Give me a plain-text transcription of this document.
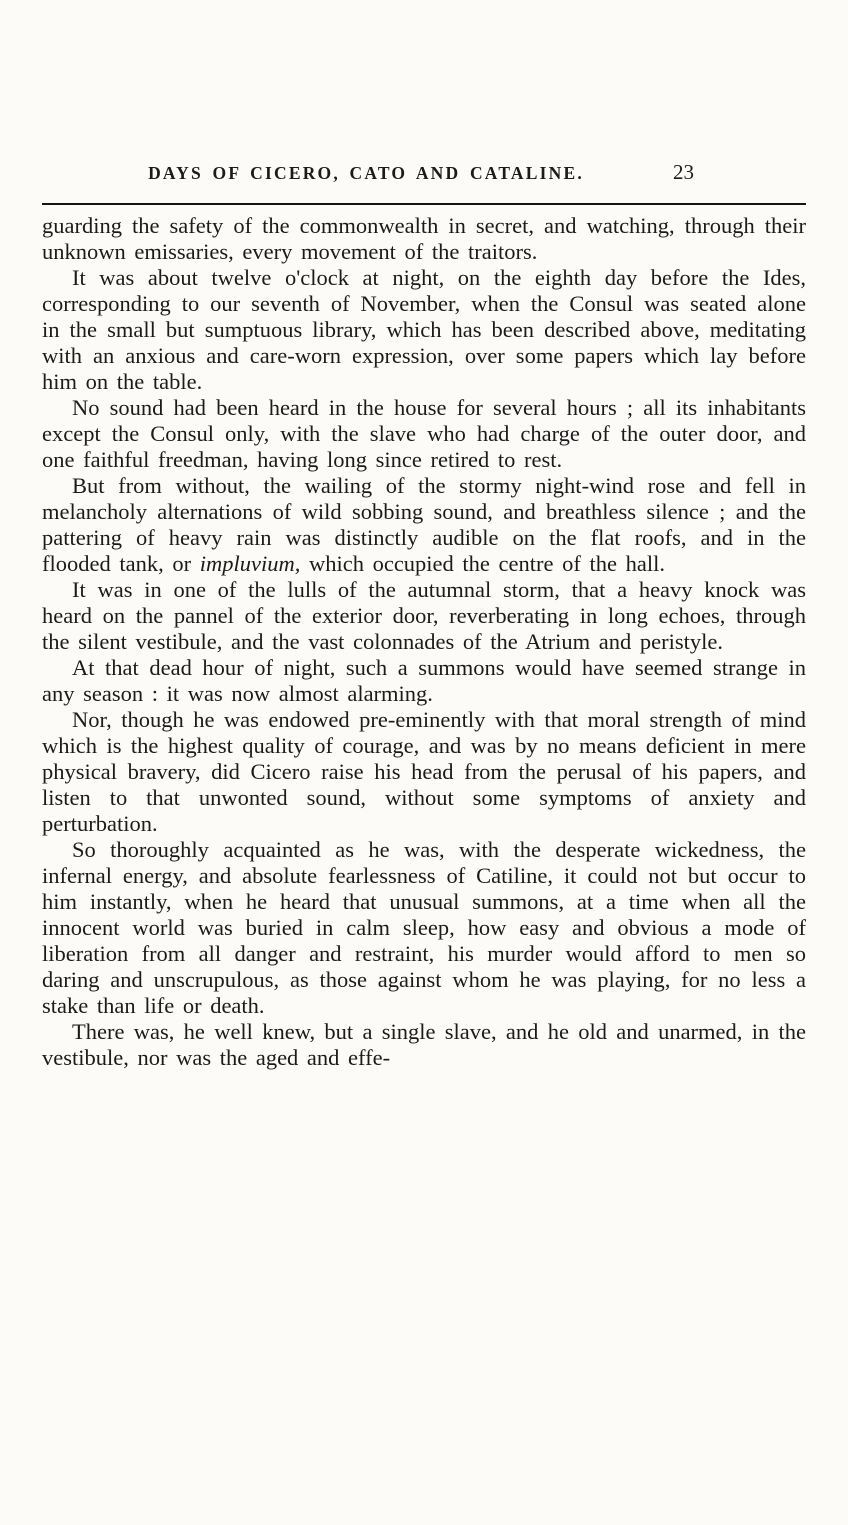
DAYS OF CICERO, CATO AND CATALINE.	23

guarding the safety of the commonwealth in secret, and watching, through their unknown emissaries, every movement of the traitors.

It was about twelve o'clock at night, on the eighth day before the Ides, corresponding to our seventh of November, when the Consul was seated alone in the small but sumptuous library, which has been described above, meditating with an anxious and care-worn expression, over some papers which lay before him on the table.

No sound had been heard in the house for several hours ; all its inhabitants except the Consul only, with the slave who had charge of the outer door, and one faithful freedman, having long since retired to rest.

But from without, the wailing of the stormy night-wind rose and fell in melancholy alternations of wild sobbing sound, and breathless silence ; and the pattering of heavy rain was distinctly audible on the flat roofs, and in the flooded tank, or impluvium, which occupied the centre of the hall.

It was in one of the lulls of the autumnal storm, that a heavy knock was heard on the pannel of the exterior door, reverberating in long echoes, through the silent vestibule, and the vast colonnades of the Atrium and peristyle.

At that dead hour of night, such a summons would have seemed strange in any season : it was now almost alarming.

Nor, though he was endowed pre-eminently with that moral strength of mind which is the highest quality of courage, and was by no means deficient in mere physical bravery, did Cicero raise his head from the perusal of his papers, and listen to that unwonted sound, without some symptoms of anxiety and perturbation.

So thoroughly acquainted as he was, with the desperate wickedness, the infernal energy, and absolute fearlessness of Catiline, it could not but occur to him instantly, when he heard that unusual summons, at a time when all the innocent world was buried in calm sleep, how easy and obvious a mode of liberation from all danger and restraint, his murder would afford to men so daring and unscrupulous, as those against whom he was playing, for no less a stake than life or death.

There was, he well knew, but a single slave, and he old and unarmed, in the vestibule, nor was the aged and effe-
